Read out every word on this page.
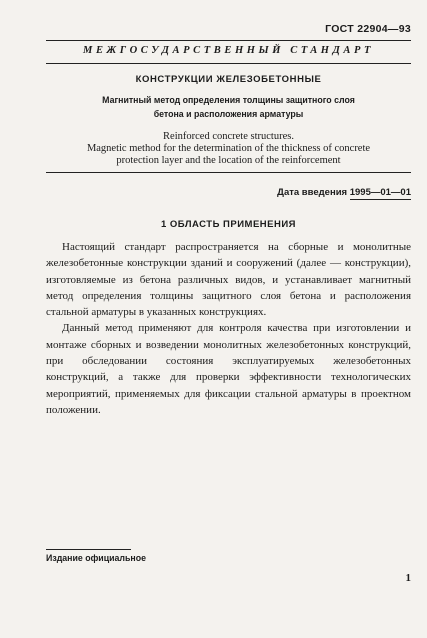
ГОСТ 22904—93
МЕЖГОСУДАРСТВЕННЫЙ СТАНДАРТ
КОНСТРУКЦИИ ЖЕЛЕЗОБЕТОННЫЕ
Магнитный метод определения толщины защитного слоя
бетона и расположения арматуры
Reinforced concrete structures.
Magnetic method for the determination of the thickness of concrete
protection layer and the location of the reinforcement
Дата введения 1995—01—01
1 ОБЛАСТЬ ПРИМЕНЕНИЯ

Настоящий стандарт распространяется на сборные и монолитные железобетонные конструкции зданий и сооружений (далее — конструкции), изготовляемые из бетона различных видов, и устанавливает магнитный метод определения толщины защитного слоя бетона и расположения стальной арматуры в указанных конструкциях.

Данный метод применяют для контроля качества при изготовлении и монтаже сборных и возведении монолитных железобетонных конструкций, при обследовании состояния эксплуатируемых железобетонных конструкций, а также для проверки эффективности технологических мероприятий, применяемых для фиксации стальной арматуры в проектном положении.

Издание официальное
1
